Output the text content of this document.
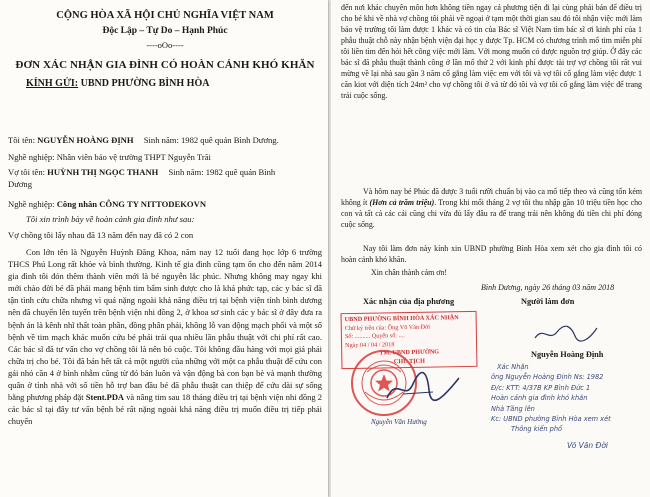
CỘNG HÒA XÃ HỘI CHỦ NGHĨA VIỆT NAM
Độc Lập – Tự Do – Hạnh Phúc
----oOo----
ĐƠN XÁC NHẬN GIA ĐÌNH CÓ HOÀN CẢNH KHÓ KHĂN
KÍNH GỬI: UBND PHƯỜNG BÌNH HÒA
Tôi tên: NGUYỄN HOÀNG ĐỊNH Sinh năm: 1982 quê quán Bình Dương.
Nghề nghiệp: Nhân viên bảo vệ trường THPT Nguyễn Trãi
Vợ tôi tên: HUỲNH THỊ NGỌC THANH Sinh năm: 1982 quê quán Bình
Dương
Nghề nghiệp: Công nhân CÔNG TY NITTODEKOVN
Tôi xin trình bày về hoàn cảnh gia đình như sau:
Vợ chồng tôi lấy nhau đã 13 năm đến nay đã có 2 con
Con lớn tên là Nguyễn Huỳnh Đăng Khoa, năm nay 12 tuổi đang học lớp 6 trường THCS Phú Long rất khỏe và bình thường. Kinh tế gia đình cũng tạm ổn cho đến năm 2014 gia đình tôi đón thêm thành viên mới là bé nguyễn lắc phúc. Nhưng không may ngay khi mới chào đời bé đã phải mang bệnh tim bẩm sinh được cho là khá phức tạp, các y bác sĩ đã tận tình cứu chữa nhưng vì quá nặng ngoài khả năng điều trị tại bệnh viện tỉnh bình dương nên đã chuyển lên tuyến trên bệnh viện nhi đồng 2, ở khoa sơ sinh các y bác sĩ ở đây đưa ra bệnh án là kênh nhĩ thất toàn phần, đồng phân phải, không lỗ van động mạch phổi và một số bệnh về tim mạch khác muốn cứu bé phải trải qua nhiều lần phẫu thuật với chi phí rất cao. Các bác sĩ đã tư vấn cho vợ chồng tôi là nên bỏ cuộc. Tôi không đầu hàng với mọi giá phải chữa trị cho bé. Tôi đã bán hết tất cả một người của những với một ca phẫu thuật để cứu con gái nhỏ cần 4 ở bình nhẫm cũng từ đó bán luôn và vận động bà con bạn bè và mạnh thường quân ở tỉnh nhà với số tiền hỗ trợ ban đầu bé đã phẫu thuật can thiệp để cứu dài sự sống bằng phương pháp đặt Stent.PDA và nâng tim sau 18 tháng điều trị tại bệnh viện nhi đồng 2 các bác sĩ tại đây tư vấn bệnh bé rất nặng ngoài khả năng điều trị muốn điều trị tiếp phải chuyển
đến nơi khác chuyên môn hơn không tiền ngay cả phương tiện đi lại cùng phải bán để điều trị cho bé khi về nhà vợ chồng tôi phải về ngoại ở tạm một thời gian sau đó tôi nhận việc mới làm bảo vệ trường tôi làm được 1 khác và có tin của Bác sĩ Việt Nam tìm bác sĩ ơi kinh phí của 1 phẫu thuật chỗ này nhận bệnh viện đại học y được Tp. HCM có chương trình mổ tim miễn phí tôi liền tìm đến hỏi hết công việc mới làm. Với mong muốn có được nguồn trợ giúp. Ở đây các bác sĩ đã phẫu thuật thành công ở lần mổ thứ 2 với kinh phí được tài trợ vợ chồng tôi rất vui mừng về lại nhà sau gần 3 năm cố gắng làm việc em với tôi và vợ tôi cố gắng làm việc được 1 căn kiot với diện tích 24m² cho vợ chồng tôi ở và từ đó tôi và vợ tôi cố gắng làm việc để trang trải cuộc sống.
Và hôm nay bé Phúc đã được 3 tuổi rưỡi chuẩn bị vào ca mổ tiếp theo và cũng tốn kém không ít (Hơn cả trăm triệu). Trong khi mổi tháng 2 vợ tôi thu nhập gần 10 triệu tiền học cho con và tất cả các cái cũng chi vừa đủ lấy đâu ra để trang trải nên không đủ tiền chi phí đóng cuộc sống.
Nay tôi làm đơn này kính xin UBND phường Bình Hòa xem xét cho gia đình tôi có hoàn cảnh khó khăn.
Xin chân thành cảm ơn!
Bình Dương, ngày 26 tháng 03 năm 2018
Xác nhận của địa phương	Người làm đơn
UBND PHƯỜNG BÌNH HÒA XÁC NHẬN
Chữ ký trên của: Ông Võ Văn Đời
Số: .......... Quyển số: ....
Ngày 04 / 04 / 2018
TM. UBND PHƯỜNG
CHỦ TỊCH
Nguyễn Văn Hường
Nguyễn Hoàng Định
Xác Nhận
ông Nguyễn Hoàng Định Ns: 1982
Đ/c: KTT: 4/37B KP Bình Đức 1
Hoàn cảnh gia đình khó khăn
Nhà Tầng lên
Kc: UBND phường Bình Hòa xem xét
Thông kiến phố
Võ Văn Đời
